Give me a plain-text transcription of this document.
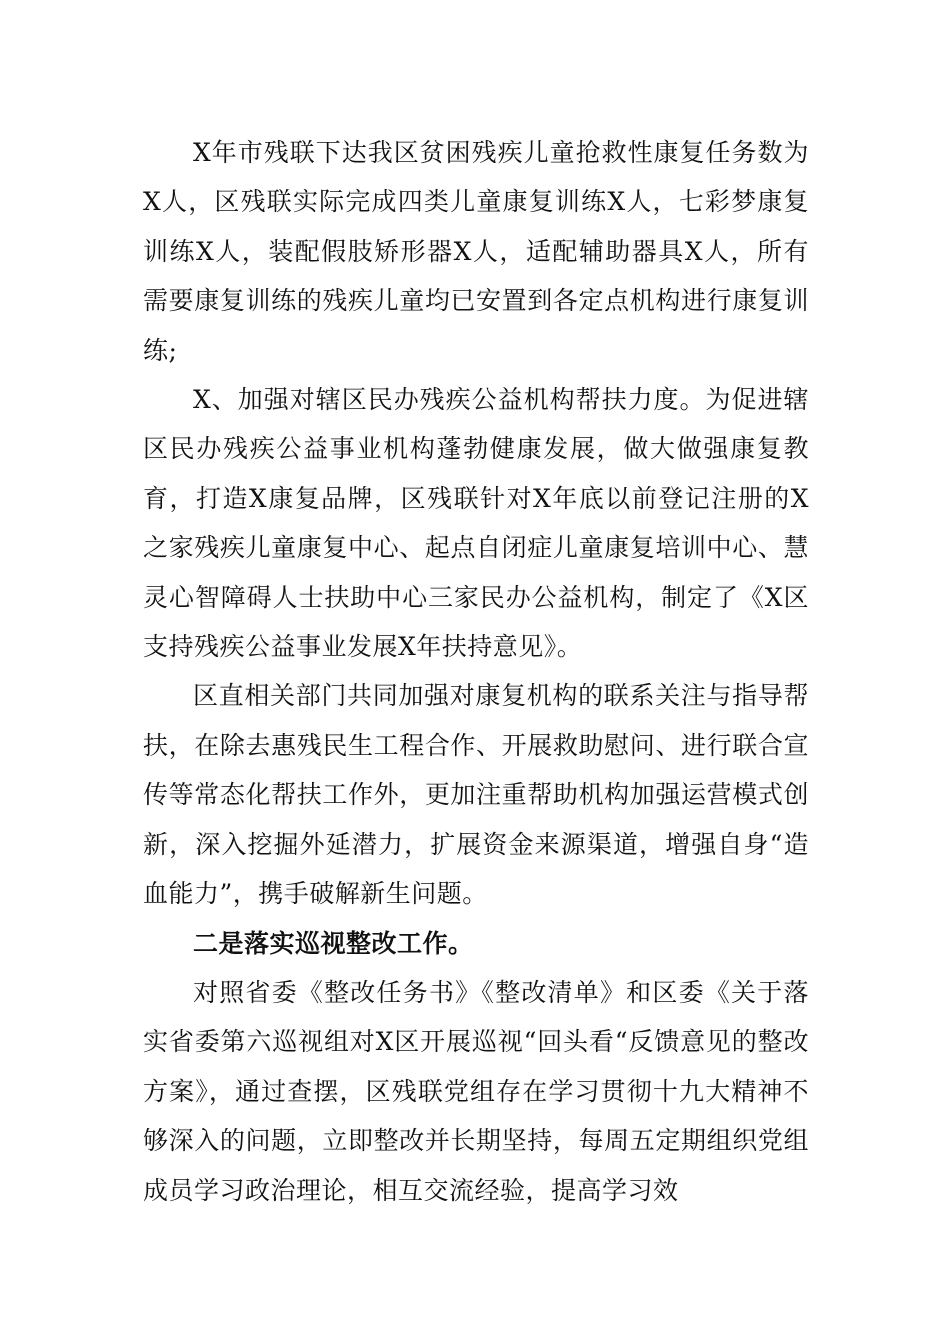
X年市残联下达我区贫困残疾儿童抢救性康复任务数为X人，区残联实际完成四类儿童康复训练X人，七彩梦康复训练X人，装配假肢矫形器X人，适配辅助器具X人，所有需要康复训练的残疾儿童均已安置到各定点机构进行康复训练;

X、加强对辖区民办残疾公益机构帮扶力度。为促进辖区民办残疾公益事业机构蓬勃健康发展，做大做强康复教育，打造X康复品牌，区残联针对X年底以前登记注册的X之家残疾儿童康复中心、起点自闭症儿童康复培训中心、慧灵心智障碍人士扶助中心三家民办公益机构，制定了《X区支持残疾公益事业发展X年扶持意见》。

区直相关部门共同加强对康复机构的联系关注与指导帮扶，在除去惠残民生工程合作、开展救助慰问、进行联合宣传等常态化帮扶工作外，更加注重帮助机构加强运营模式创新，深入挖掘外延潜力，扩展资金来源渠道，增强自身“造血能力”，携手破解新生问题。

二是落实巡视整改工作。

对照省委《整改任务书》《整改清单》和区委《关于落实省委第六巡视组对X区开展巡视“回头看“反馈意见的整改方案》，通过查摆，区残联党组存在学习贯彻十九大精神不够深入的问题，立即整改并长期坚持，每周五定期组织党组成员学习政治理论，相互交流经验，提高学习效
